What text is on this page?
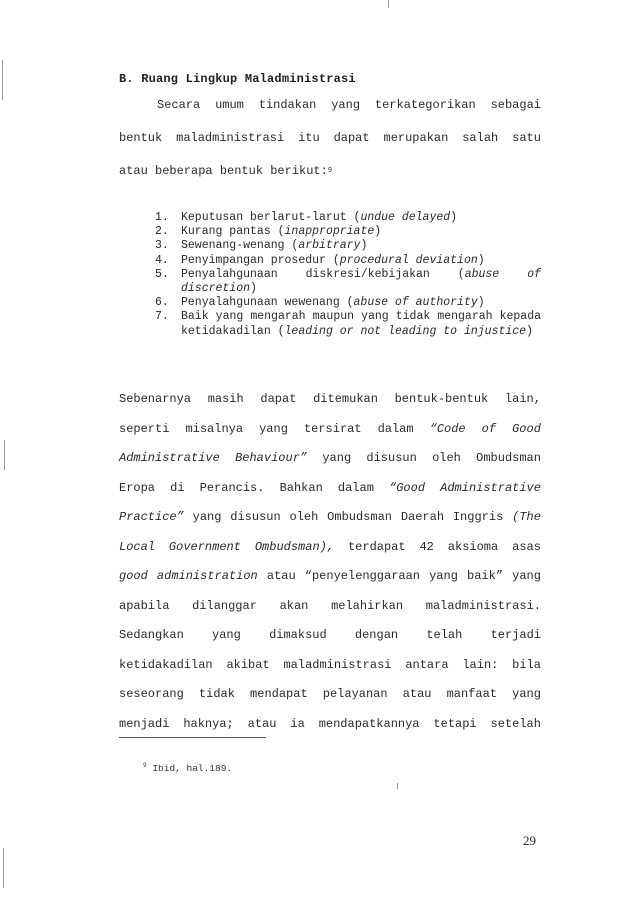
B. Ruang Lingkup Maladministrasi
Secara umum tindakan yang terkategorikan sebagai
bentuk maladministrasi itu dapat merupakan salah satu
atau beberapa bentuk berikut: 9
1.	Keputusan berlarut-larut (undue delayed)
2.	Kurang pantas (inappropriate)
3.	Sewenang-wenang (arbitrary)
4.	Penyimpangan prosedur (procedural deviation)
5.	Penyalahgunaan diskresi/kebijakan (abuse of discretion)
6.	Penyalahgunaan wewenang (abuse of authority)
7.	Baik yang mengarah maupun yang tidak mengarah kepada ketidakadilan (leading or not leading to injustice)
Sebenarnya masih dapat ditemukan bentuk-bentuk lain,
seperti misalnya yang tersirat dalam “Code of Good
Administrative Behaviour” yang disusun oleh Ombudsman
Eropa di Perancis. Bahkan dalam “Good Administrative
Practice” yang disusun oleh Ombudsman Daerah Inggris (The
Local Government Ombudsman), terdapat 42 aksioma asas
good administration atau “penyelenggaraan yang baik” yang
apabila dilanggar akan melahirkan maladministrasi.
Sedangkan yang dimaksud dengan telah terjadi
ketidakadilan akibat maladministrasi antara lain: bila
seseorang tidak mendapat pelayanan atau manfaat yang
menjadi haknya; atau ia mendapatkannya tetapi setelah
$^9$ Ibid, hal.189.
29
